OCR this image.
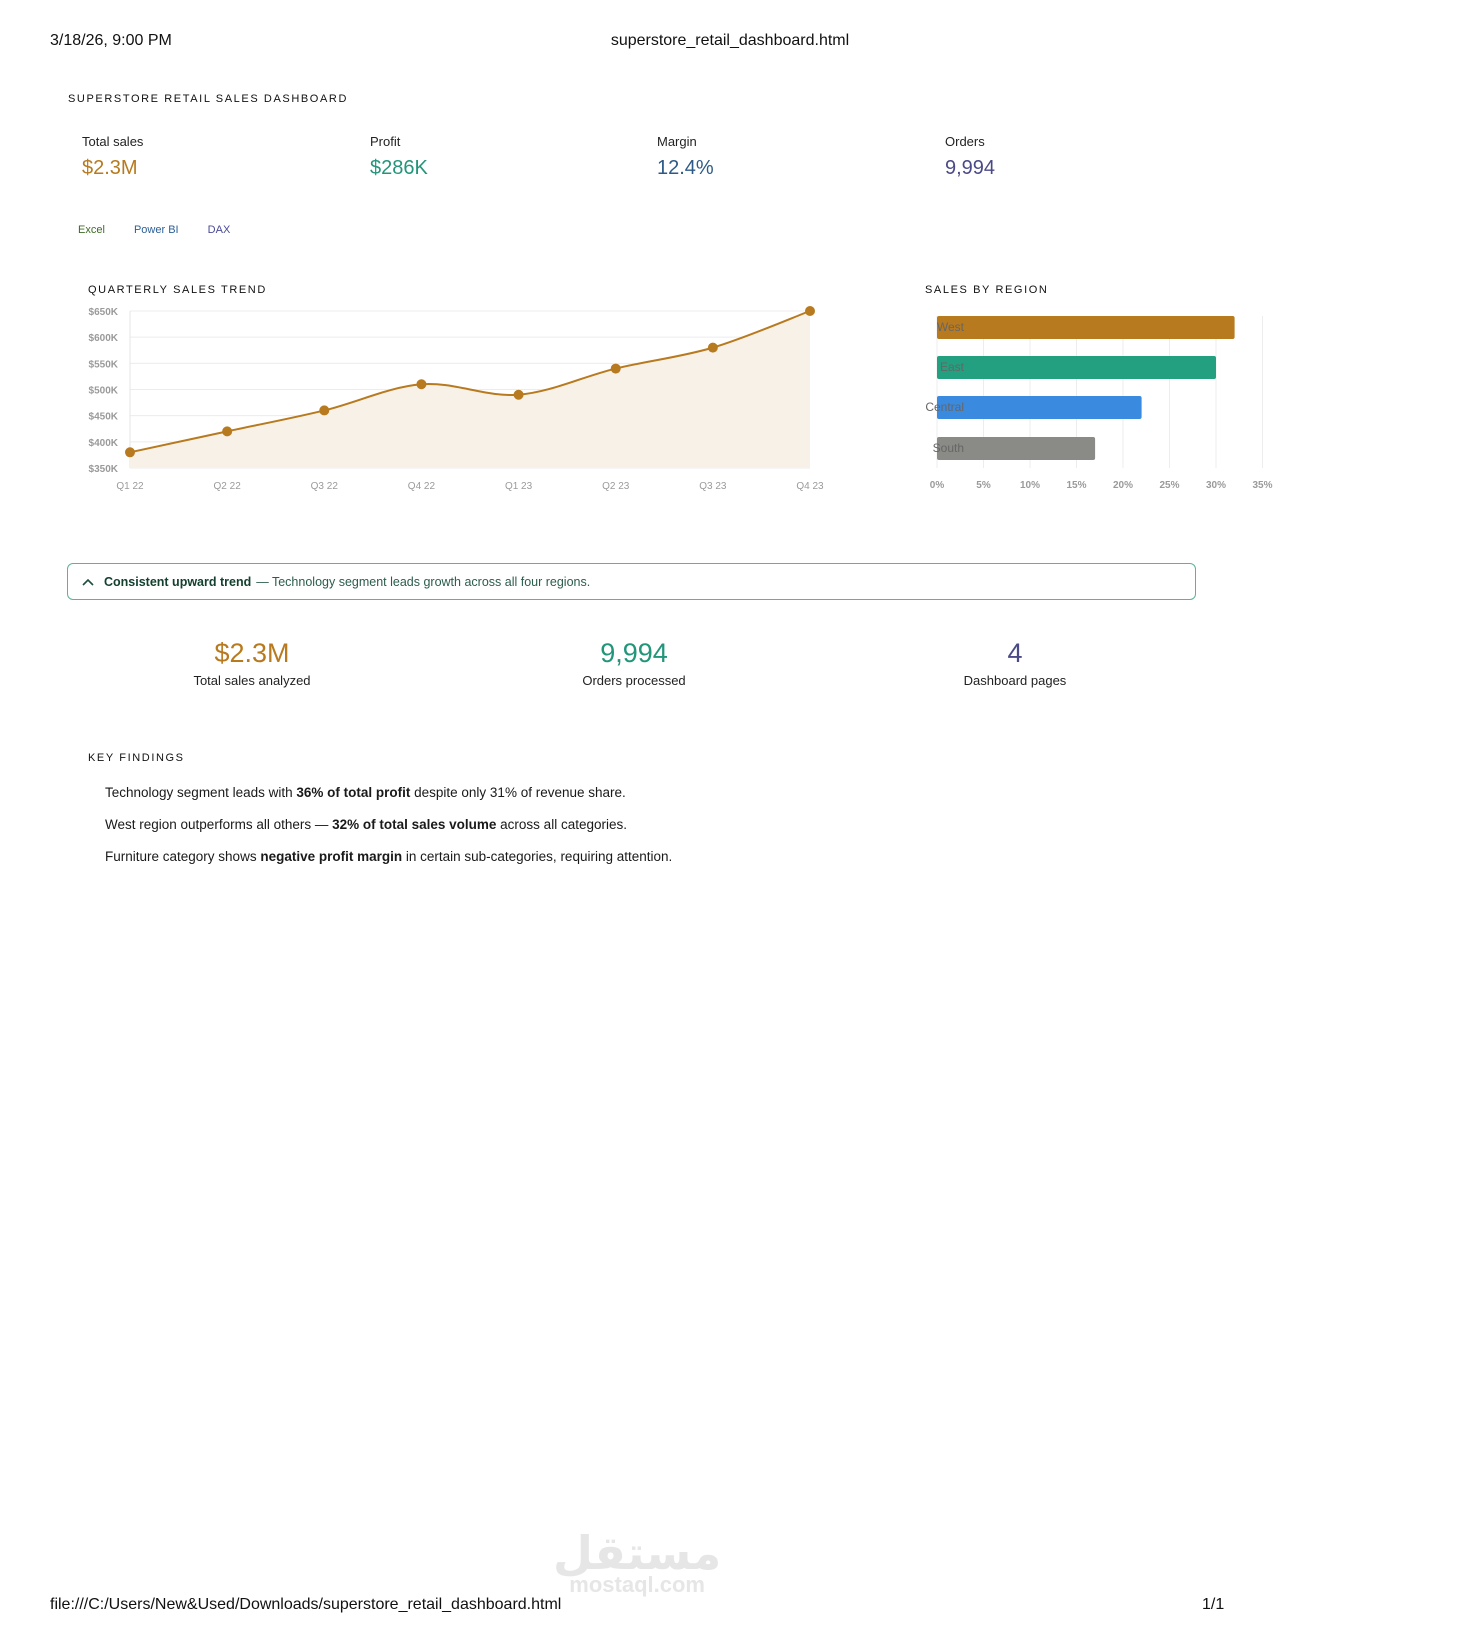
3/18/26, 9:00 PM	superstore_retail_dashboard.html
file:///C:/Users/New&Used/Downloads/superstore_retail_dashboard.html	1/1
SUPERSTORE RETAIL SALES DASHBOARD
Total sales
$2.3M
Profit
$286K
Margin
12.4%
Orders
9,994
Excel	Power BI	DAX
QUARTERLY SALES TREND	SALES BY REGION
$350K
$400K
$450K
$500K
$550K
$600K
$650K
Q1 22	Q2 22	Q3 22	Q4 22	Q1 23	Q2 23	Q3 23	Q4 23	0%	5%	10%	15%	20%	25%	30%	35%
Consistent upward trend — Technology segment leads growth across all four regions.
$2.3M
Total sales analyzed
9,994
Orders processed
4
Dashboard pages
KEY FINDINGS
Technology segment leads with 36% of total profit despite only 31% of revenue share.
West region outperforms all others — 32% of total sales volume across all categories.
Furniture category shows negative profit margin in certain sub-categories, requiring attention.
مستقل
mostaql.com
West
East
Central
South
